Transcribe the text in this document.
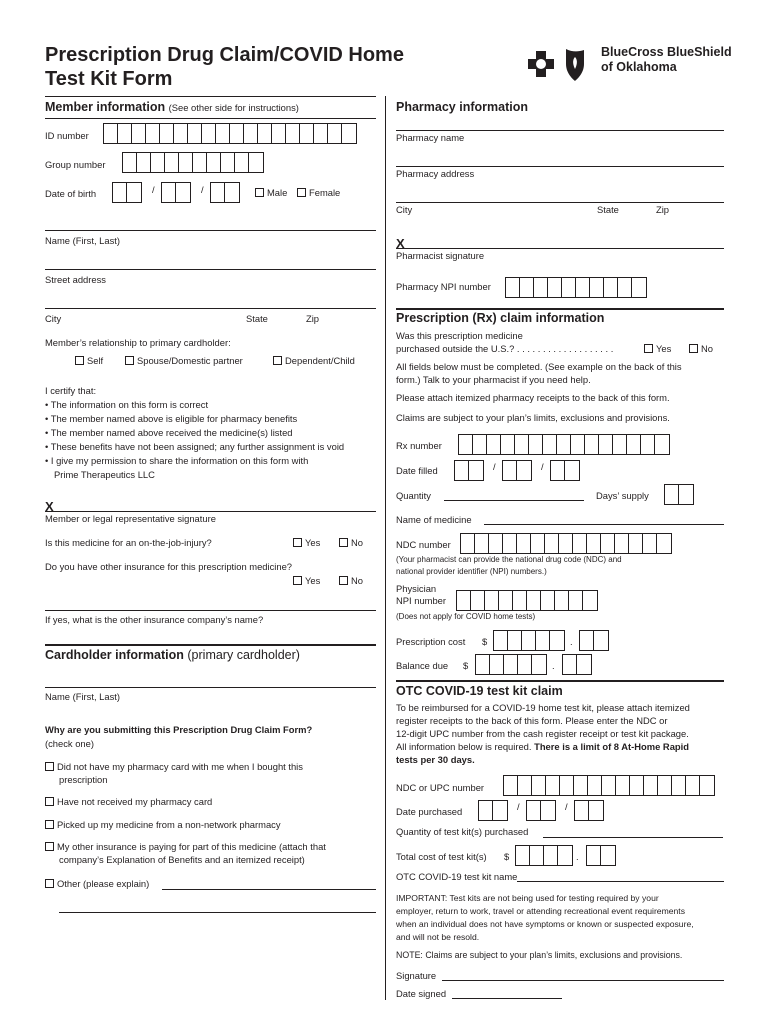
Prescription Drug Claim/COVID Home
Test Kit Form
BlueCross BlueShield
of Oklahoma
Member information (See other side for instructions)
ID number
Group number
Date of birth	/	/	Male	Female
Name (First, Last)
Street address
City	State	Zip
Member’s relationship to primary cardholder:
Self	Spouse/Domestic partner	Dependent/Child
I certify that:
• The information on this form is correct
• The member named above is eligible for pharmacy benefits
• The member named above received the medicine(s) listed
• These benefits have not been assigned; any further assignment is void
• I give my permission to share the information on this form with
Prime Therapeutics LLC
X
Member or legal representative signature
Is this medicine for an on-the-job-injury?	Yes	No
Do you have other insurance for this prescription medicine?
Yes	No
If yes, what is the other insurance company’s name?
Cardholder information (primary cardholder)
Name (First, Last)
Why are you submitting this Prescription Drug Claim Form?
(check one)
Did not have my pharmacy card with me when I bought this
prescription
Have not received my pharmacy card
Picked up my medicine from a non-network pharmacy
My other insurance is paying for part of this medicine (attach that
company’s Explanation of Benefits and an itemized receipt)
Other (please explain)
Pharmacy information
Pharmacy name
Pharmacy address
City	State	Zip
X
Pharmacist signature
Pharmacy NPI number
Prescription (Rx) claim information
Was this prescription medicine
purchased outside the U.S.? . . . . . . . . . . . . . . . . . . .	Yes	No
All fields below must be completed. (See example on the back of this
form.) Talk to your pharmacist if you need help.
Please attach itemized pharmacy receipts to the back of this form.
Claims are subject to your plan’s limits, exclusions and provisions.
Rx number
Date filled	/	/
Quantity	Days’ supply
Name of medicine
NDC number
(Your pharmacist can provide the national drug code (NDC) and
national provider identifier (NPI) numbers.)
Physician
NPI number
(Does not apply for COVID home tests)
Prescription cost $	.
Balance due $	.
OTC COVID-19 test kit claim
To be reimbursed for a COVID-19 home test kit, please attach itemized
register receipts to the back of this form. Please enter the NDC or
12-digit UPC number from the cash register receipt or test kit package.
All information below is required. There is a limit of 8 At-Home Rapid
tests per 30 days.
NDC or UPC number
Date purchased	/	/
Quantity of test kit(s) purchased
Total cost of test kit(s) $	.
OTC COVID-19 test kit name
IMPORTANT: Test kits are not being used for testing required by your
employer, return to work, travel or attending recreational event requirements
when an individual does not have symptoms or known or suspected exposure,
and will not be resold.
NOTE: Claims are subject to your plan’s limits, exclusions and provisions.
Signature
Date signed
